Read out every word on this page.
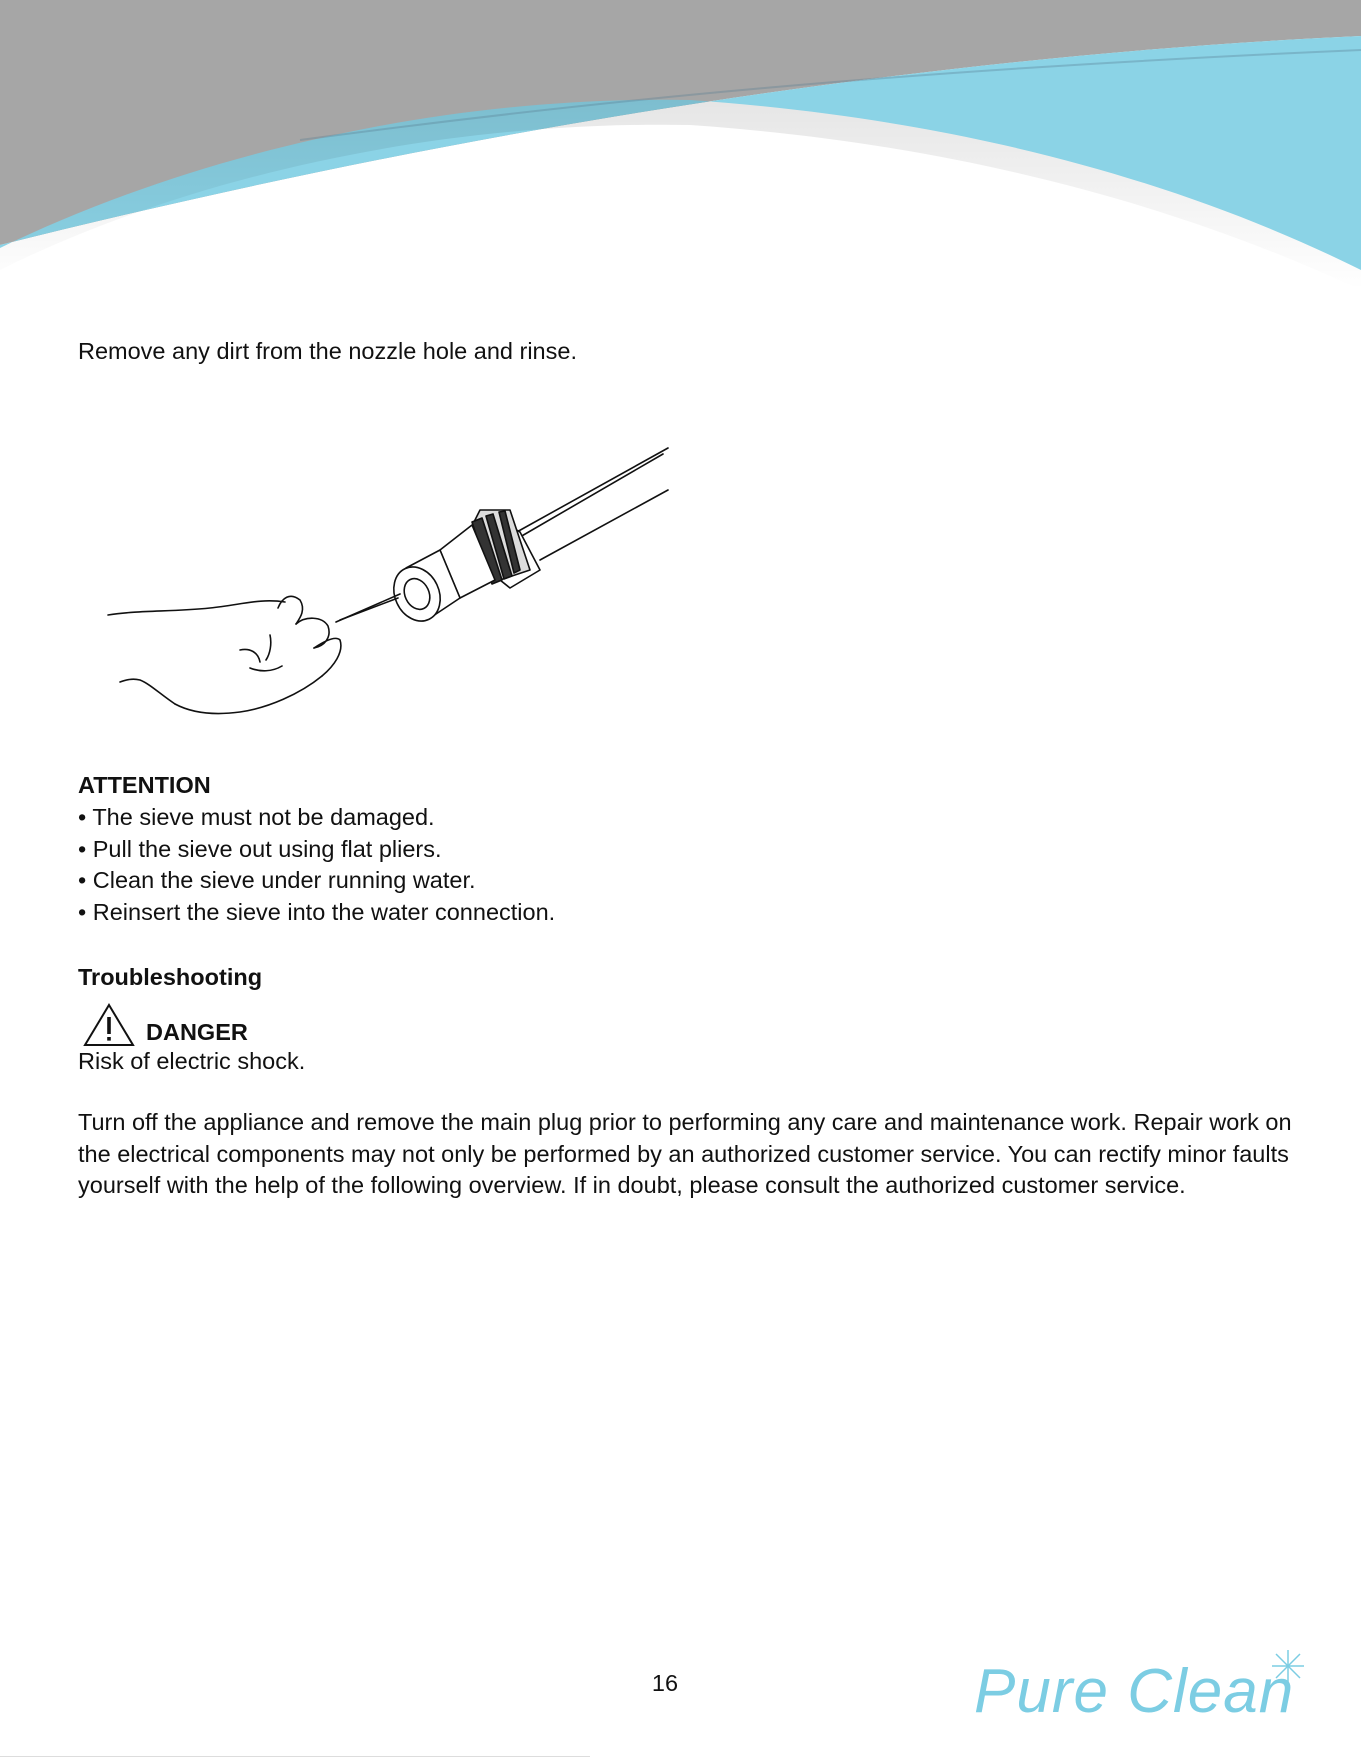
Remove any dirt from the nozzle hole and rinse.

ATTENTION

• The sieve must not be damaged.
• Pull the sieve out using flat pliers.
• Clean the sieve under running water.
• Reinsert the sieve into the water connection.

Troubleshooting

DANGER

Risk of electric shock.

Turn off the appliance and remove the main plug prior to performing any care and maintenance work. Repair work on the electrical components may not only be performed by an authorized customer service. You can rectify minor faults yourself with the help of the following overview. If in doubt, please consult the authorized customer service.

16	Pure Clean
